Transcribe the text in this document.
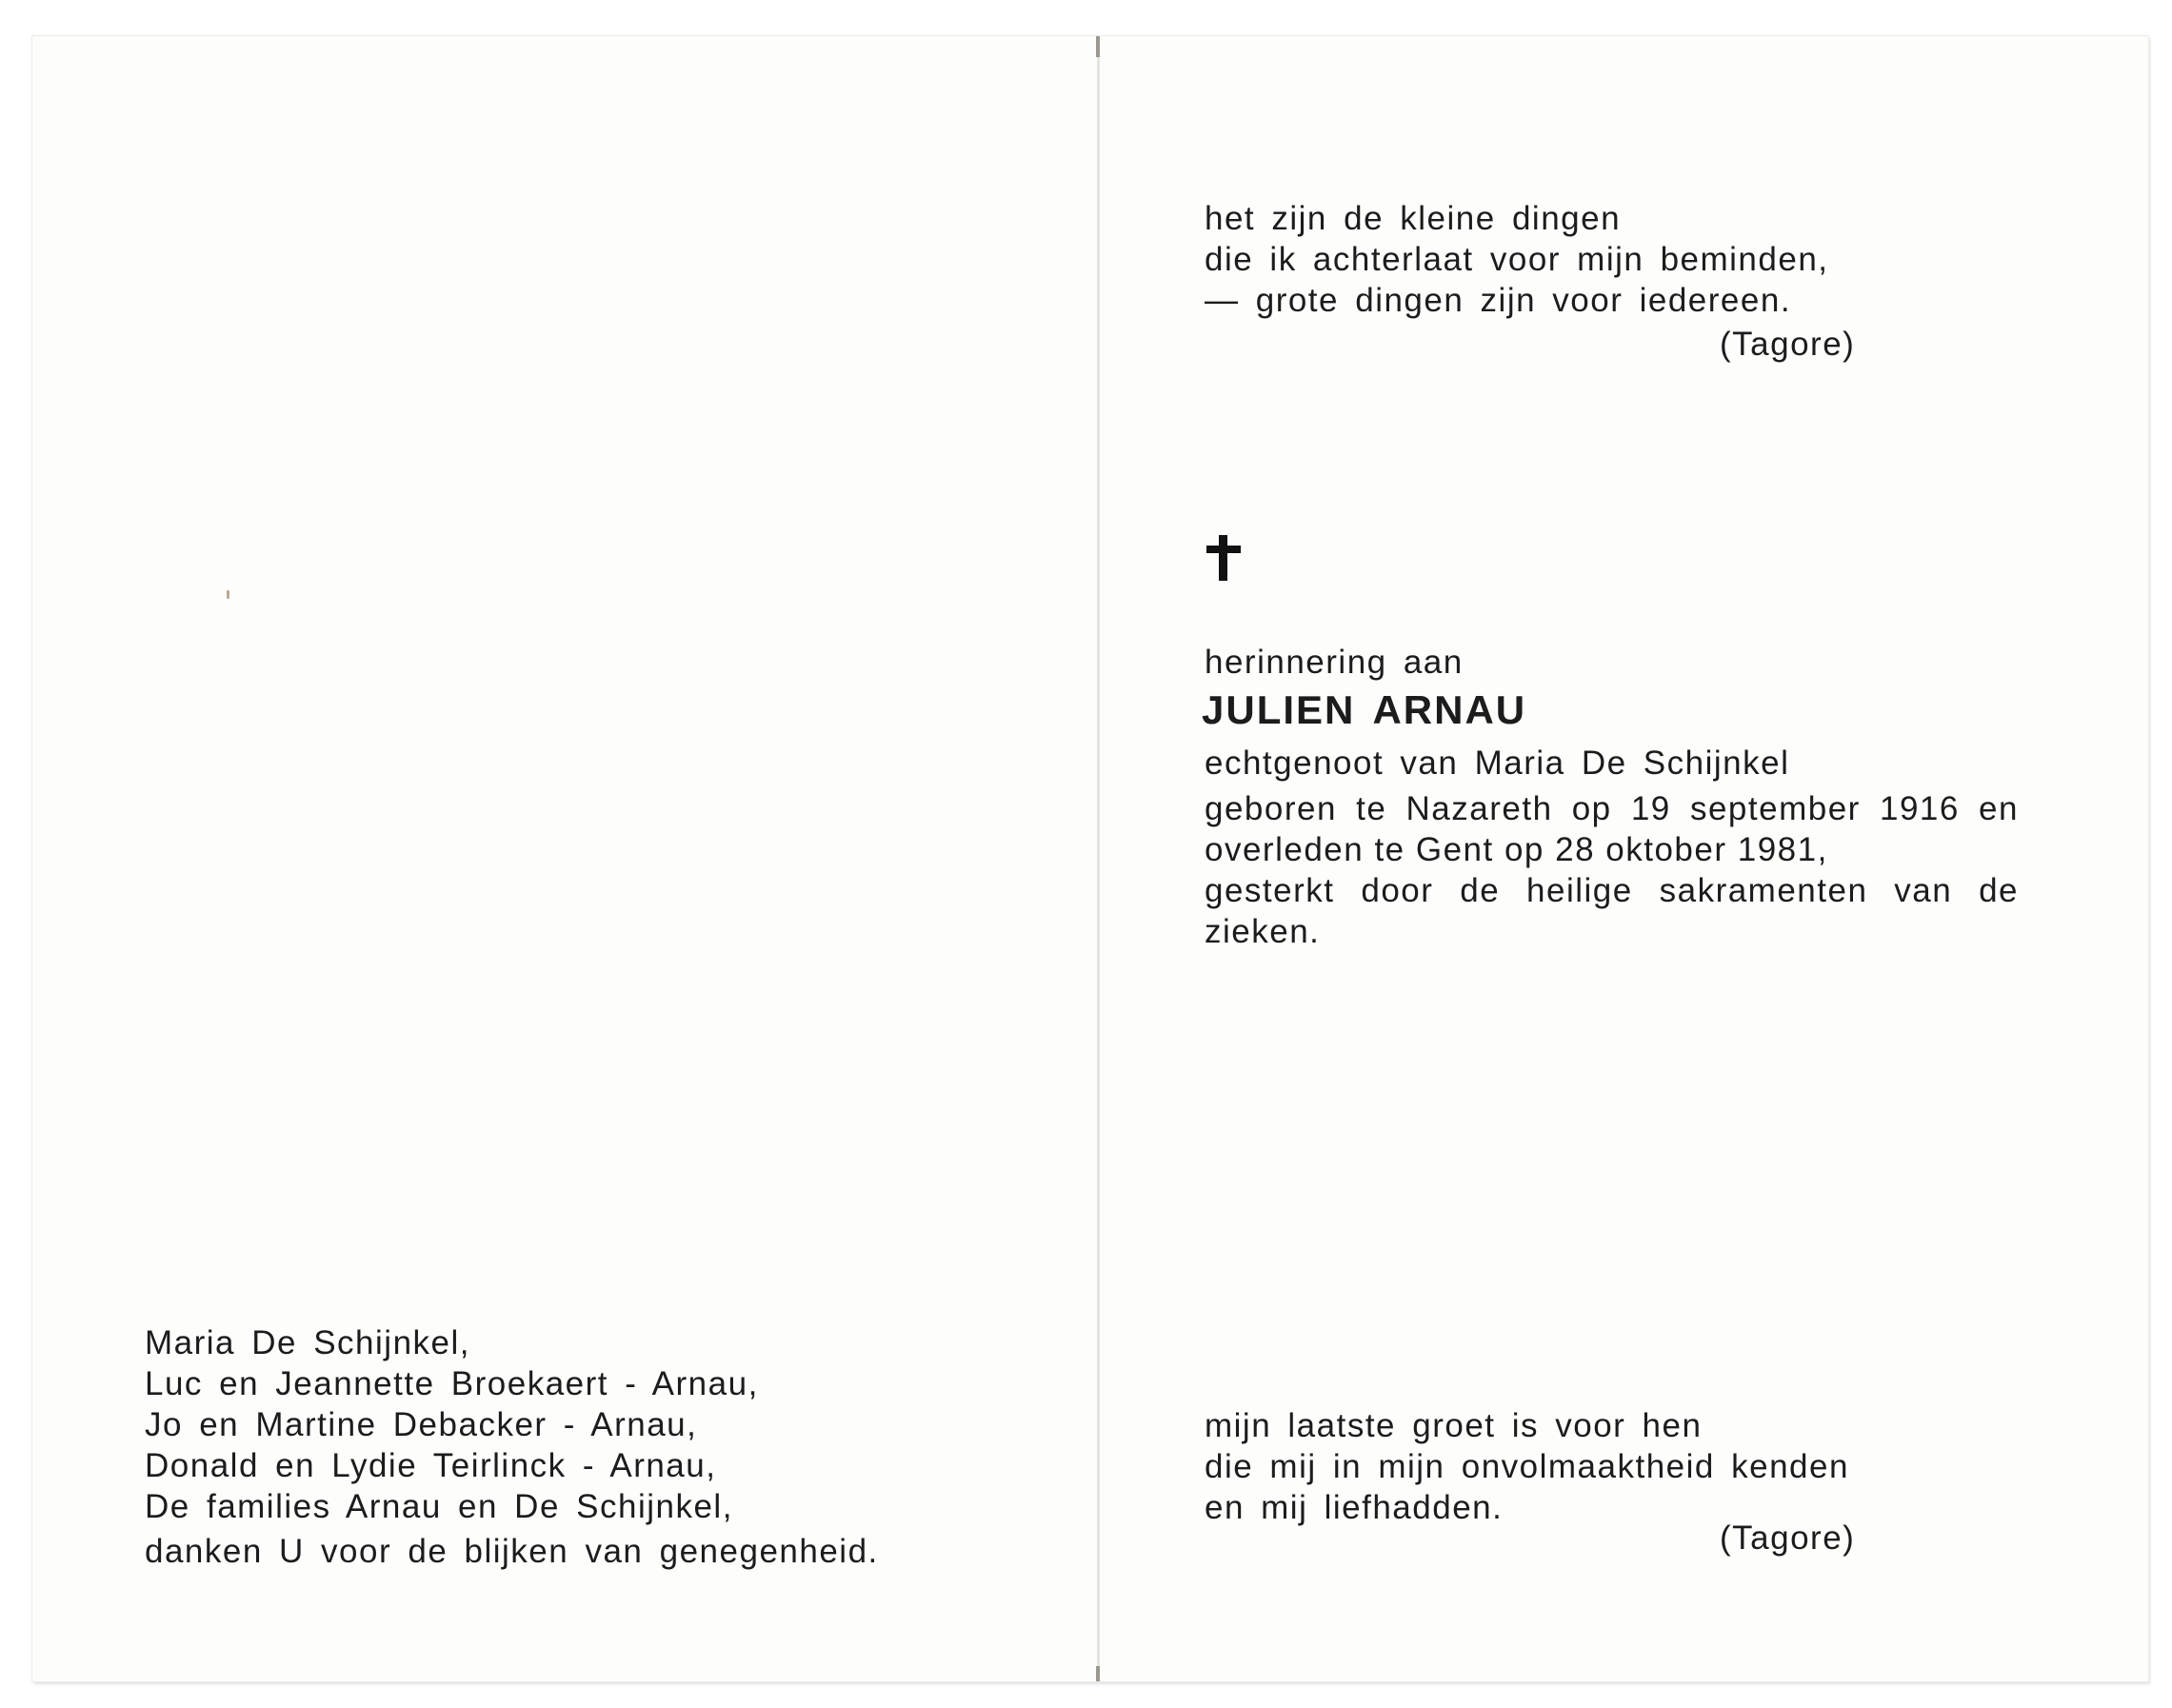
Maria De Schijnkel,
Luc en Jeannette Broekaert - Arnau,
Jo en Martine Debacker - Arnau,
Donald en Lydie Teirlinck - Arnau,
De families Arnau en De Schijnkel,
danken U voor de blijken van genegenheid.
het zijn de kleine dingen
die ik achterlaat voor mijn beminden,
— grote dingen zijn voor iedereen.
(Tagore)
herinnering aan
JULIEN ARNAU
echtgenoot van Maria De Schijnkel
geboren te Nazareth op 19 september 1916 en
overleden te Gent op 28 oktober 1981,
gesterkt door de heilige sakramenten van de
zieken.
mijn laatste groet is voor hen
die mij in mijn onvolmaaktheid kenden
en mij liefhadden.
(Tagore)
